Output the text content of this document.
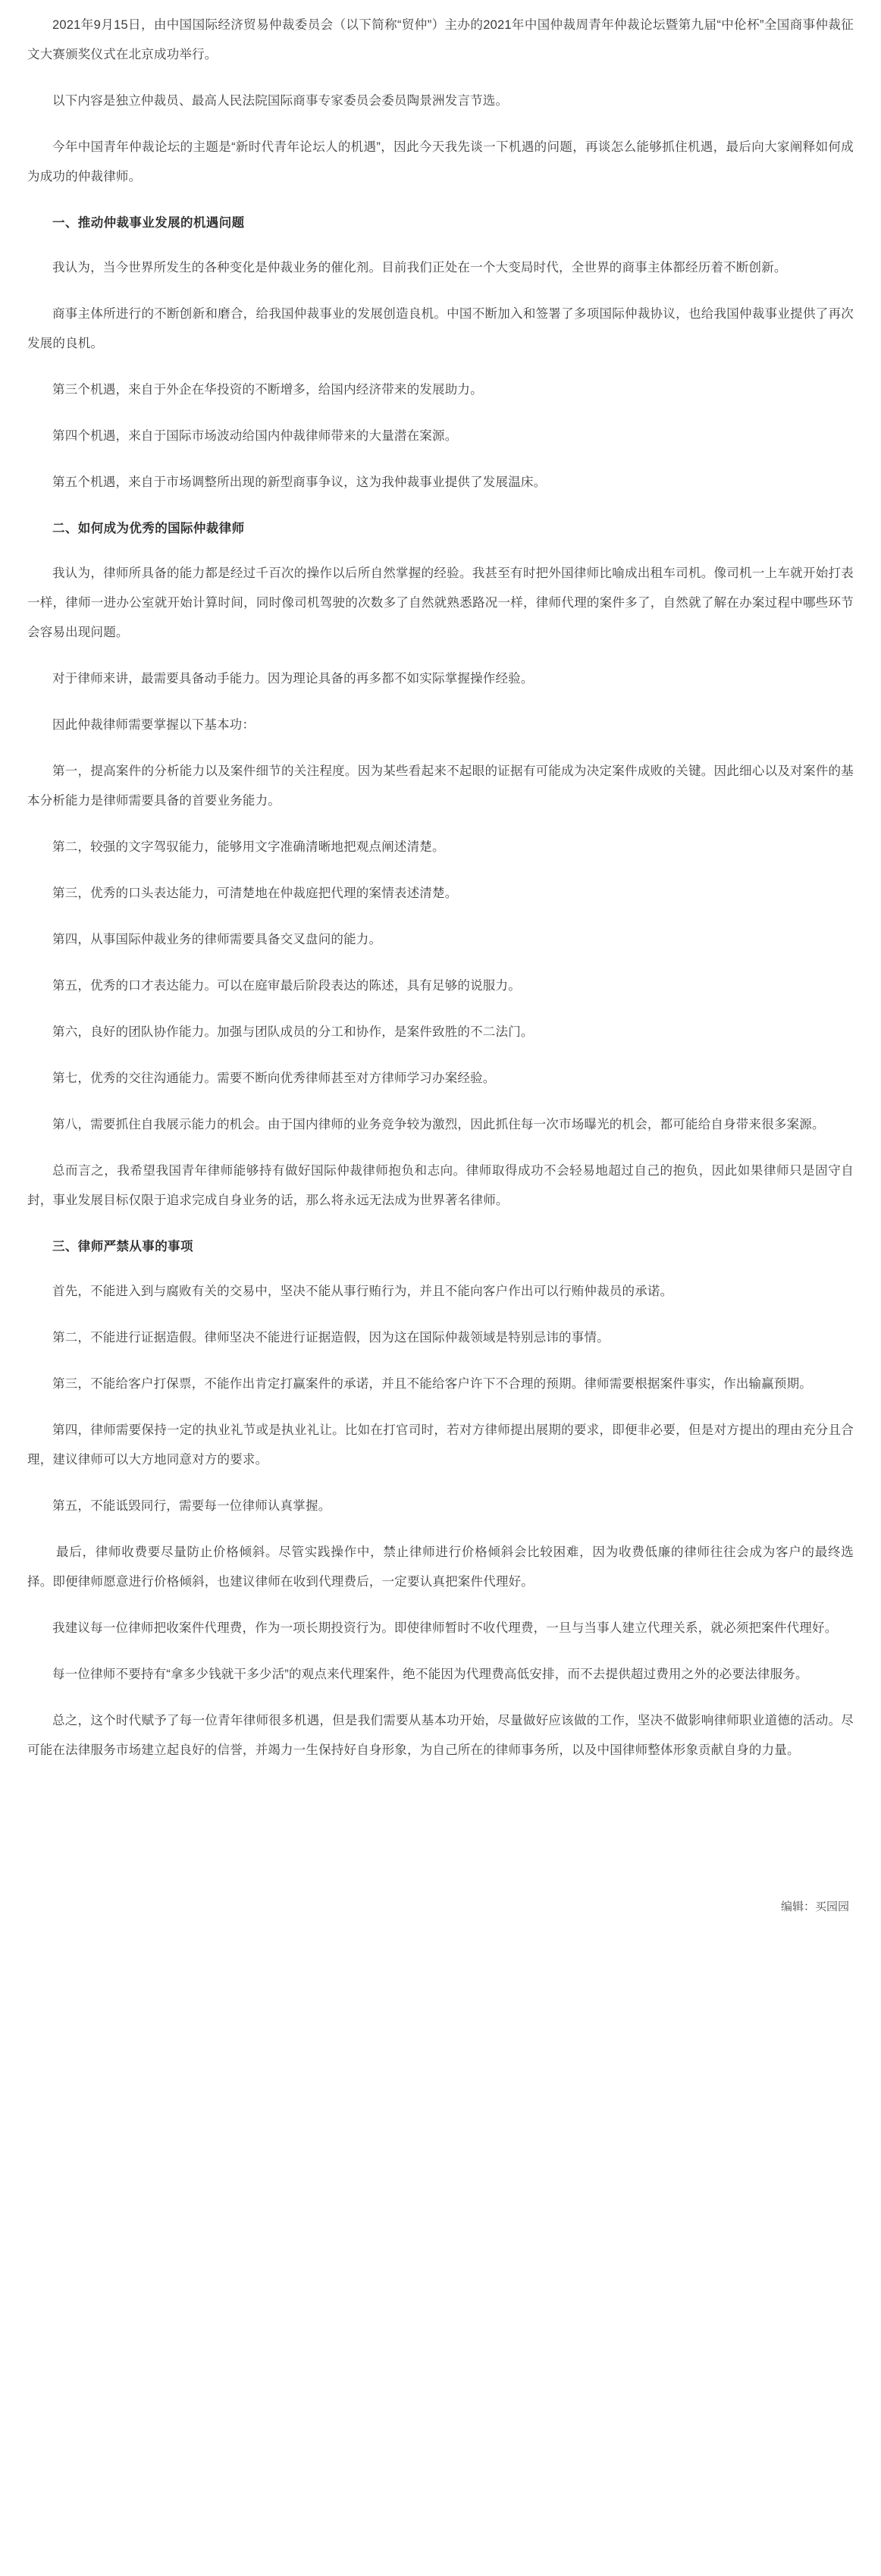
2021年9月15日，由中国国际经济贸易仲裁委员会（以下简称“贸仲”）主办的2021年中国仲裁周青年仲裁论坛暨第九届“中伦杯”全国商事仲裁征文大赛颁奖仪式在北京成功举行。

以下内容是独立仲裁员、最高人民法院国际商事专家委员会委员陶景洲发言节选。

今年中国青年仲裁论坛的主题是“新时代青年论坛人的机遇”，因此今天我先谈一下机遇的问题，再谈怎么能够抓住机遇，最后向大家阐释如何成为成功的仲裁律师。

一、推动仲裁事业发展的机遇问题

我认为，当今世界所发生的各种变化是仲裁业务的催化剂。目前我们正处在一个大变局时代，全世界的商事主体都经历着不断创新。

商事主体所进行的不断创新和磨合，给我国仲裁事业的发展创造良机。中国不断加入和签署了多项国际仲裁协议，也给我国仲裁事业提供了再次发展的良机。

第三个机遇，来自于外企在华投资的不断增多，给国内经济带来的发展助力。

第四个机遇，来自于国际市场波动给国内仲裁律师带来的大量潜在案源。

第五个机遇，来自于市场调整所出现的新型商事争议，这为我仲裁事业提供了发展温床。

二、如何成为优秀的国际仲裁律师

我认为，律师所具备的能力都是经过千百次的操作以后所自然掌握的经验。我甚至有时把外国律师比喻成出租车司机。像司机一上车就开始打表一样，律师一进办公室就开始计算时间，同时像司机驾驶的次数多了自然就熟悉路况一样，律师代理的案件多了，自然就了解在办案过程中哪些环节会容易出现问题。

对于律师来讲，最需要具备动手能力。因为理论具备的再多都不如实际掌握操作经验。

因此仲裁律师需要掌握以下基本功：

第一，提高案件的分析能力以及案件细节的关注程度。因为某些看起来不起眼的证据有可能成为决定案件成败的关键。因此细心以及对案件的基本分析能力是律师需要具备的首要业务能力。

第二，较强的文字驾驭能力，能够用文字准确清晰地把观点阐述清楚。

第三，优秀的口头表达能力，可清楚地在仲裁庭把代理的案情表述清楚。

第四，从事国际仲裁业务的律师需要具备交叉盘问的能力。

第五，优秀的口才表达能力。可以在庭审最后阶段表达的陈述，具有足够的说服力。

第六，良好的团队协作能力。加强与团队成员的分工和协作，是案件致胜的不二法门。

第七，优秀的交往沟通能力。需要不断向优秀律师甚至对方律师学习办案经验。

第八，需要抓住自我展示能力的机会。由于国内律师的业务竞争较为激烈，因此抓住每一次市场曝光的机会，都可能给自身带来很多案源。

总而言之，我希望我国青年律师能够持有做好国际仲裁律师抱负和志向。律师取得成功不会轻易地超过自己的抱负，因此如果律师只是固守自封，事业发展目标仅限于追求完成自身业务的话，那么将永远无法成为世界著名律师。

三、律师严禁从事的事项

首先，不能进入到与腐败有关的交易中，坚决不能从事行贿行为，并且不能向客户作出可以行贿仲裁员的承诺。

第二，不能进行证据造假。律师坚决不能进行证据造假，因为这在国际仲裁领域是特别忌讳的事情。

第三，不能给客户打保票，不能作出肯定打赢案件的承诺，并且不能给客户许下不合理的预期。律师需要根据案件事实，作出输赢预期。

第四，律师需要保持一定的执业礼节或是执业礼让。比如在打官司时，若对方律师提出展期的要求，即便非必要，但是对方提出的理由充分且合理，建议律师可以大方地同意对方的要求。

第五，不能诋毁同行，需要每一位律师认真掌握。

最后，律师收费要尽量防止价格倾斜。尽管实践操作中，禁止律师进行价格倾斜会比较困难，因为收费低廉的律师往往会成为客户的最终选择。即便律师愿意进行价格倾斜，也建议律师在收到代理费后，一定要认真把案件代理好。

我建议每一位律师把收案件代理费，作为一项长期投资行为。即使律师暂时不收代理费，一旦与当事人建立代理关系，就必须把案件代理好。

每一位律师不要持有“拿多少钱就干多少活”的观点来代理案件，绝不能因为代理费高低安排，而不去提供超过费用之外的必要法律服务。

总之，这个时代赋予了每一位青年律师很多机遇，但是我们需要从基本功开始，尽量做好应该做的工作，坚决不做影响律师职业道德的活动。尽可能在法律服务市场建立起良好的信誉，并竭力一生保持好自身形象，为自己所在的律师事务所，以及中国律师整体形象贡献自身的力量。

编辑：买园园
